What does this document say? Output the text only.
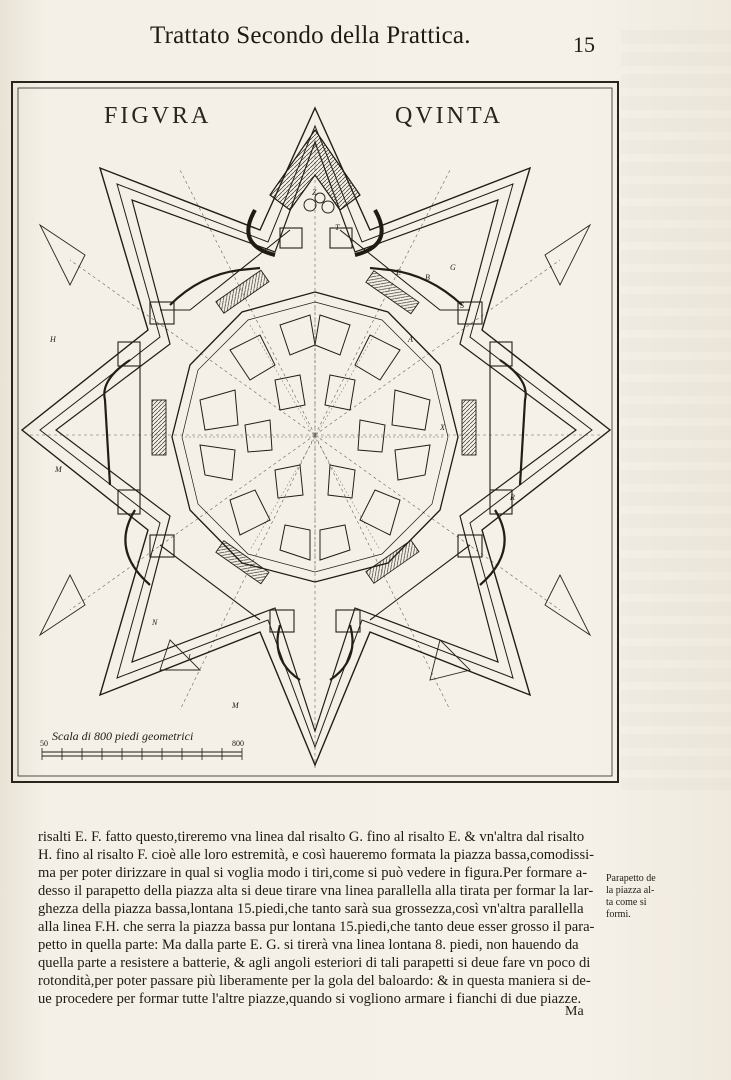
Trattato Secondo della Prattica.	15
50	800
H
M
N
L
M
A
B
S
R
T
X
Z
E
G
FIGVRA	QVINTA
Scala di 800 piedi geometrici
risalti E. F. fatto questo,tireremo vna linea dal risalto G. fino al risalto E. & vn'altra dal risalto
H. fino al risalto F. cioè alle loro estremità, e così haueremo formata la piazza bassa,comodissi-
ma per poter dirizzare in qual si voglia modo i tiri,come si può vedere in figura.Per formare a-
desso il parapetto della piazza alta si deue tirare vna linea parallella alla tirata per formar la lar-
ghezza della piazza bassa,lontana 15.piedi,che tanto sarà sua grossezza,così vn'altra parallella
alla linea F.H. che serra la piazza bassa pur lontana 15.piedi,che tanto deue esser grosso il para-
petto in quella parte: Ma dalla parte E. G. si tirerà vna linea lontana 8. piedi, non hauendo da
quella parte a resistere a batterie, & agli angoli esteriori di tali parapetti si deue fare vn poco di
rotondità,per poter passare più liberamente per la gola del baloardo: & in questa maniera si de-
ue procedere per formar tutte l'altre piazze,quando si vogliono armare i fianchi di due piazze.
Parapetto de
la piazza al-
ta come si
formi.
Ma
